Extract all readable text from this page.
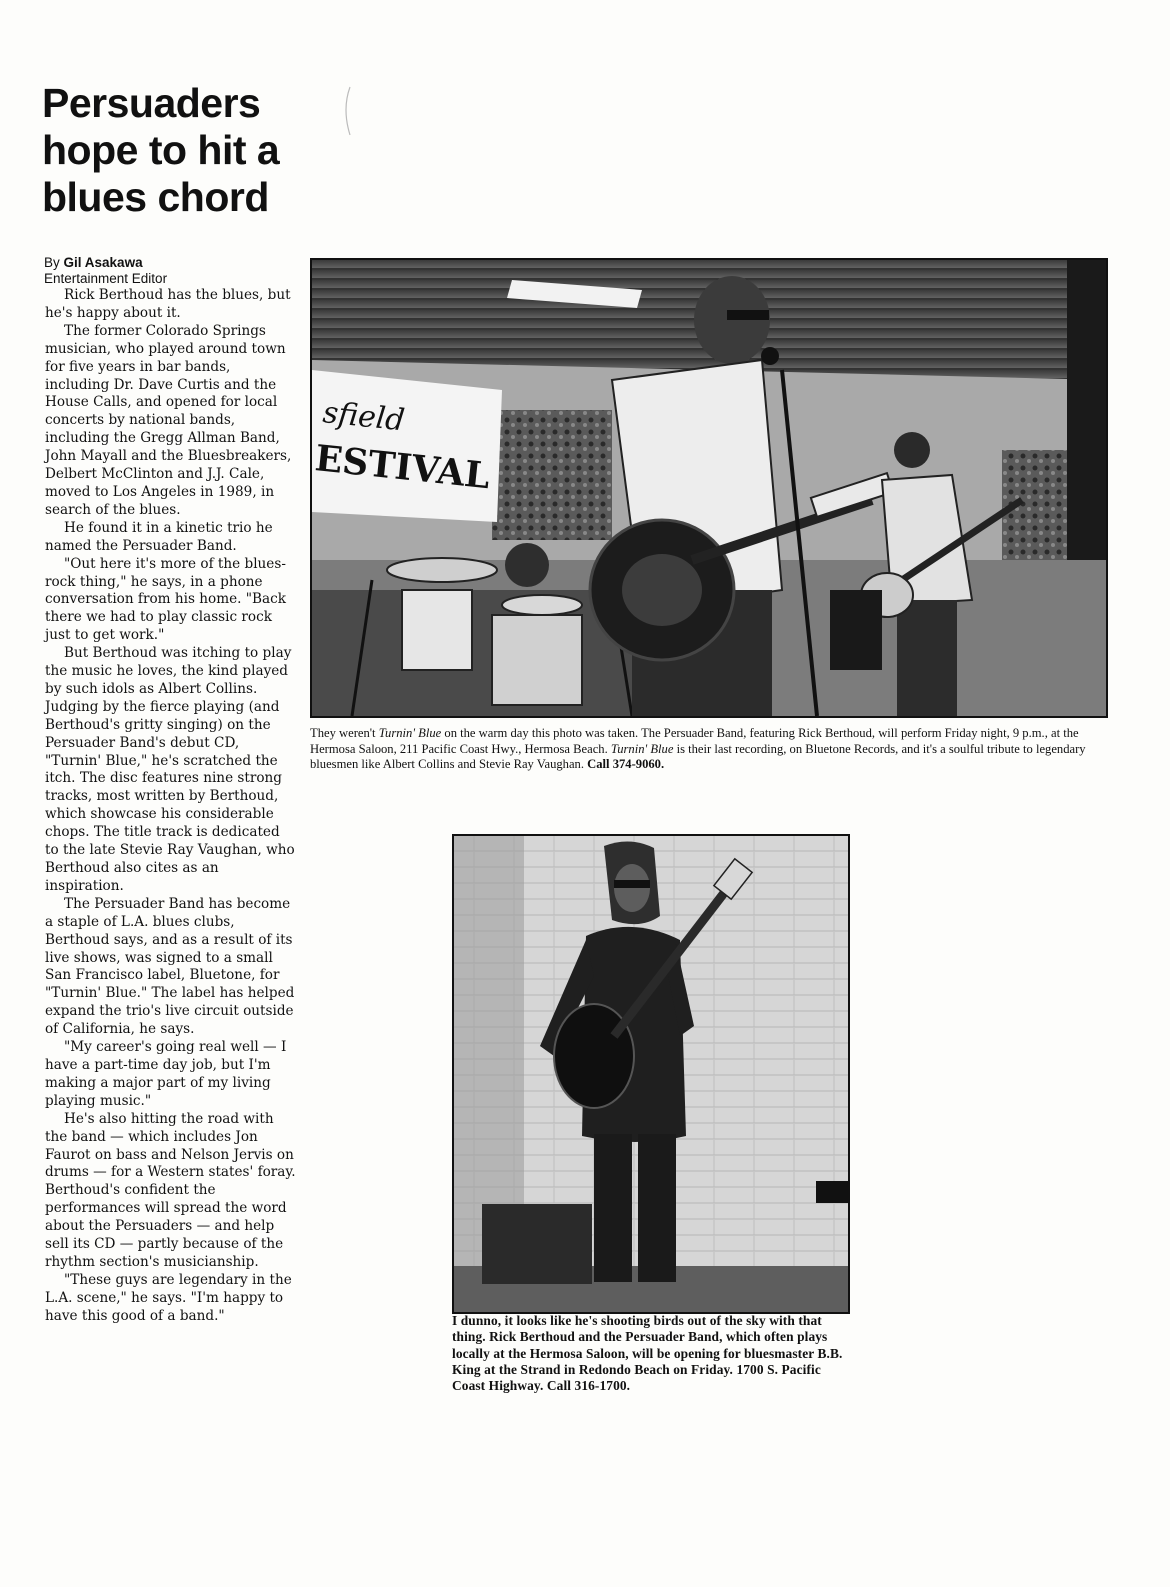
Persuaders
hope to hit a
blues chord
By Gil Asakawa
Entertainment Editor

Rick Berthoud has the blues, but he's happy about it.

The former Colorado Springs musician, who played around town for five years in bar bands, including Dr. Dave Curtis and the House Calls, and opened for local concerts by national bands, including the Gregg Allman Band, John Mayall and the Bluesbreakers, Delbert McClinton and J.J. Cale, moved to Los Angeles in 1989, in search of the blues.

He found it in a kinetic trio he named the Persuader Band.

"Out here it's more of the blues-rock thing," he says, in a phone conversation from his home. "Back there we had to play classic rock just to get work."

But Berthoud was itching to play the music he loves, the kind played by such idols as Albert Collins. Judging by the fierce playing (and Berthoud's gritty singing) on the Persuader Band's debut CD, "Turnin' Blue," he's scratched the itch. The disc features nine strong tracks, most written by Berthoud, which showcase his considerable chops. The title track is dedicated to the late Stevie Ray Vaughan, who Berthoud also cites as an inspiration.

The Persuader Band has become a staple of L.A. blues clubs, Berthoud says, and as a result of its live shows, was signed to a small San Francisco label, Bluetone, for "Turnin' Blue." The label has helped expand the trio's live circuit outside of California, he says.

"My career's going real well — I have a part-time day job, but I'm making a major part of my living playing music."

He's also hitting the road with the band — which includes Jon Faurot on bass and Nelson Jervis on drums — for a Western states' foray. Berthoud's confident the performances will spread the word about the Persuaders — and help sell its CD — partly because of the rhythm section's musicianship.

"These guys are legendary in the L.A. scene," he says. "I'm happy to have this good of a band."

sfield
ESTIVAL

They weren't Turnin' Blue on the warm day this photo was taken. The Persuader Band, featuring Rick Berthoud, will perform Friday night, 9 p.m., at the Hermosa Saloon, 211 Pacific Coast Hwy., Hermosa Beach. Turnin' Blue is their last recording, on Bluetone Records, and it's a soulful tribute to legendary bluesmen like Albert Collins and Stevie Ray Vaughan. Call 374-9060.

I dunno, it looks like he's shooting birds out of the sky with that thing. Rick Berthoud and the Persuader Band, which often plays locally at the Hermosa Saloon, will be opening for bluesmaster B.B. King at the Strand in Redondo Beach on Friday. 1700 S. Pacific Coast Highway. Call 316-1700.
